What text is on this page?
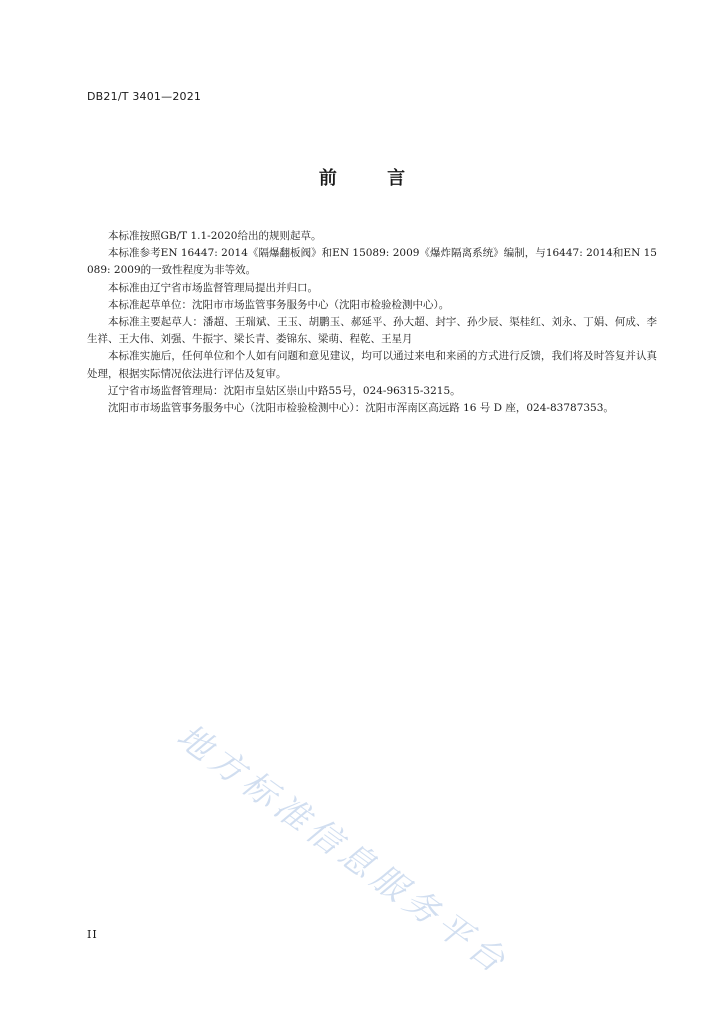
DB21/T 3401—2021
前 言

本标准按照GB/T 1.1-2020给出的规则起草。

本标准参考EN 16447: 2014《隔爆翻板阀》和EN 15089: 2009《爆炸隔离系统》编制，与16447: 2014和EN 15089: 2009的一致性程度为非等效。

本标准由辽宁省市场监督管理局提出并归口。

本标准起草单位：沈阳市市场监管事务服务中心（沈阳市检验检测中心）。

本标准主要起草人：潘超、王瑞斌、王玉、胡鹏玉、郝延平、孙大超、封宇、孙少辰、渠桂红、刘永、丁娟、何成、李生祥、王大伟、刘强、牛振宇、梁长青、娄锦东、梁萌、程乾、王星月

本标准实施后，任何单位和个人如有问题和意见建议，均可以通过来电和来函的方式进行反馈，我们将及时答复并认真处理，根据实际情况依法进行评估及复审。

辽宁省市场监督管理局：沈阳市皇姑区崇山中路55号，024-96315-3215。

沈阳市市场监管事务服务中心（沈阳市检验检测中心）：沈阳市浑南区高远路 16 号 D 座，024-83787353。

地方标准信息服务平台
II
